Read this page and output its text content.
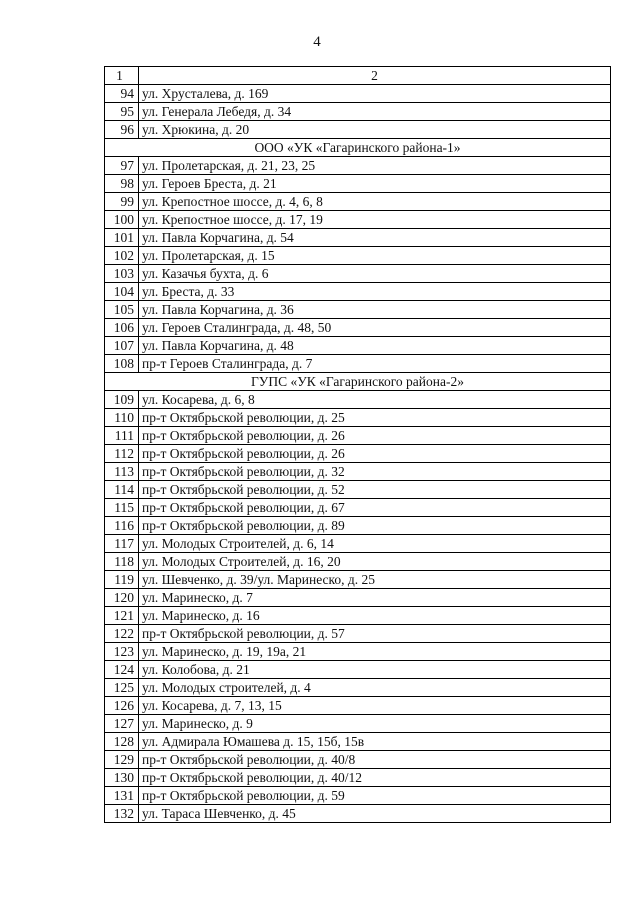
4
1	2
94	ул. Хрусталева, д. 169
95	ул. Генерала Лебедя, д. 34
96	ул. Хрюкина, д. 20
ООО «УК «Гагаринского района-1»	
97	ул. Пролетарская, д. 21, 23, 25
98	ул. Героев Бреста, д. 21
99	ул. Крепостное шоссе, д. 4, 6, 8
100	ул. Крепостное шоссе, д. 17, 19
101	ул. Павла Корчагина, д. 54
102	ул. Пролетарская, д. 15
103	ул. Казачья бухта, д. 6
104	ул. Бреста, д. 33
105	ул. Павла Корчагина, д. 36
106	ул. Героев Сталинграда, д. 48, 50
107	ул. Павла Корчагина, д. 48
108	пр-т Героев Сталинграда, д. 7
ГУПС «УК «Гагаринского района-2»	
109	ул. Косарева, д. 6, 8
110	пр-т Октябрьской революции, д. 25
111	пр-т Октябрьской революции, д. 26
112	пр-т Октябрьской революции, д. 26
113	пр-т Октябрьской революции, д. 32
114	пр-т Октябрьской революции, д. 52
115	пр-т Октябрьской революции, д. 67
116	пр-т Октябрьской революции, д. 89
117	ул. Молодых Строителей, д. 6, 14
118	ул. Молодых Строителей, д. 16, 20
119	ул. Шевченко, д. 39/ул. Маринеско, д. 25
120	ул. Маринеско, д. 7
121	ул. Маринеско, д. 16
122	пр-т Октябрьской революции, д. 57
123	ул. Маринеско, д. 19, 19а, 21
124	ул. Колобова, д. 21
125	ул. Молодых строителей, д. 4
126	ул. Косарева, д. 7, 13, 15
127	ул. Маринеско, д. 9
128	ул. Адмирала Юмашева д. 15, 15б, 15в
129	пр-т Октябрьской революции, д. 40/8
130	пр-т Октябрьской революции, д. 40/12
131	пр-т Октябрьской революции, д. 59
132	ул. Тараса Шевченко, д. 45
